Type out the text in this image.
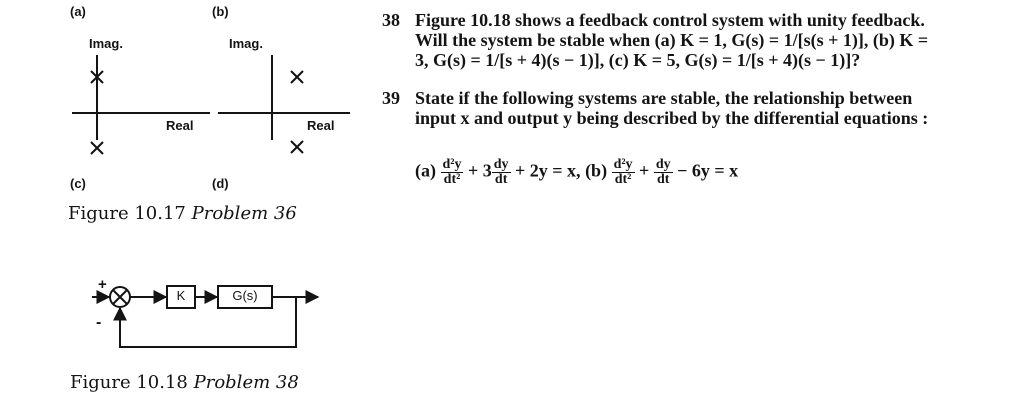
(a)	(b)
(c)	(d)
Imag.	Imag.
Real	Real
Figure 10.17 Problem 36
+
-
K	G(s)
Figure 10.18 Problem 38
38 Figure 10.18 shows a feedback control system with unity feedback.
Will the system be stable when (a) K = 1, G(s) = 1/[s(s + 1)], (b) K =
3, G(s) = 1/[s + 4)(s − 1)], (c) K = 5, G(s) = 1/[s + 4)(s − 1)]?
39 State if the following systems are stable, the relationship between
input x and output y being described by the differential equations :
$(a) \frac{\text{d²y}}{\text{dt²}} + 3 \frac{dy}{dt} + 2y = x$, $(b) \frac{\text{d²y}}{\text{dt²}} + \frac{dy}{dt} - 6y = x$
